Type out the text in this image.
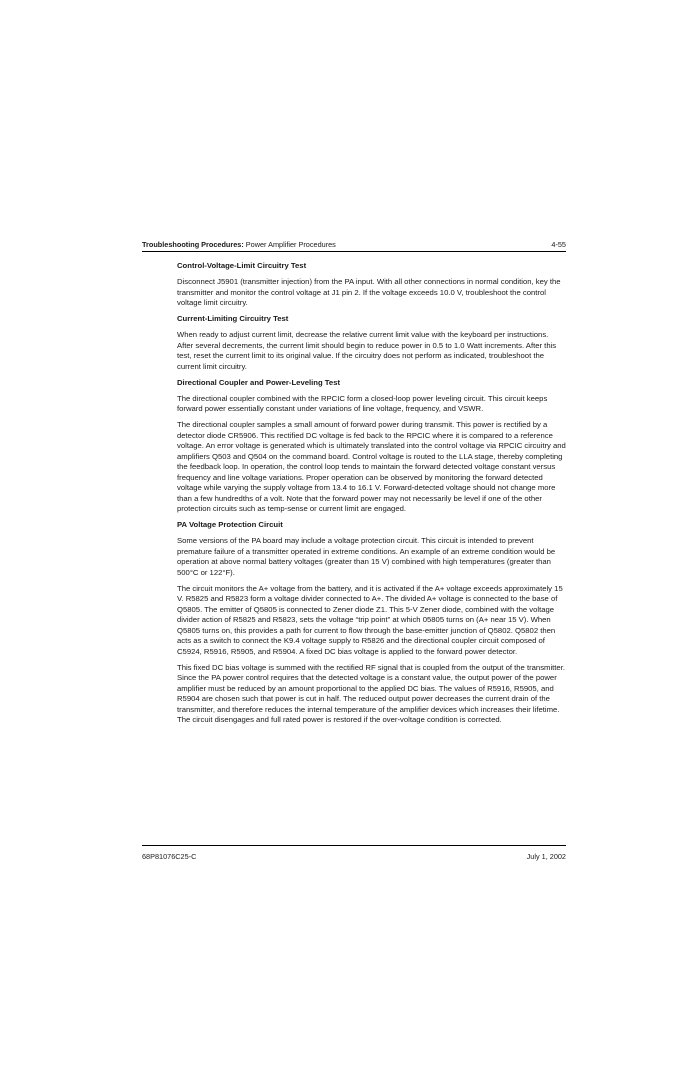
Troubleshooting Procedures: Power Amplifier Procedures	4-55
Control-Voltage-Limit Circuitry Test

Disconnect J5901 (transmitter injection) from the PA input. With all other connections in normal condition, key the transmitter and monitor the control voltage at J1 pin 2. If the voltage exceeds 10.0 V, troubleshoot the control voltage limit circuitry.

Current-Limiting Circuitry Test

When ready to adjust current limit, decrease the relative current limit value with the keyboard per instructions. After several decrements, the current limit should begin to reduce power in 0.5 to 1.0 Watt increments. After this test, reset the current limit to its original value. If the circuitry does not perform as indicated, troubleshoot the current limit circuitry.

Directional Coupler and Power-Leveling Test

The directional coupler combined with the RPCIC form a closed-loop power leveling circuit. This circuit keeps forward power essentially constant under variations of line voltage, frequency, and VSWR.

The directional coupler samples a small amount of forward power during transmit. This power is rectified by a detector diode CR5906. This rectified DC voltage is fed back to the RPCIC where it is compared to a reference voltage. An error voltage is generated which is ultimately translated into the control voltage via RPCIC circuitry and amplifiers Q503 and Q504 on the command board. Control voltage is routed to the LLA stage, thereby completing the feedback loop. In operation, the control loop tends to maintain the forward detected voltage constant versus frequency and line voltage variations. Proper operation can be observed by monitoring the forward detected voltage while varying the supply voltage from 13.4 to 16.1 V. Forward-detected voltage should not change more than a few hundredths of a volt. Note that the forward power may not necessarily be level if one of the other protection circuits such as temp-sense or current limit are engaged.

PA Voltage Protection Circuit

Some versions of the PA board may include a voltage protection circuit. This circuit is intended to prevent premature failure of a transmitter operated in extreme conditions. An example of an extreme condition would be operation at above normal battery voltages (greater than 15 V) combined with high temperatures (greater than 500°C or 122°F).

The circuit monitors the A+ voltage from the battery, and it is activated if the A+ voltage exceeds approximately 15 V. R5825 and R5823 form a voltage divider connected to A+. The divided A+ voltage is connected to the base of Q5805. The emitter of Q5805 is connected to Zener diode Z1. This 5-V Zener diode, combined with the voltage divider action of R5825 and R5823, sets the voltage “trip point” at which 05805 turns on (A+ near 15 V). When Q5805 turns on, this provides a path for current to flow through the base-emitter junction of Q5802. Q5802 then acts as a switch to connect the K9.4 voltage supply to R5826 and the directional coupler circuit composed of C5924, R5916, R5905, and R5904. A fixed DC bias voltage is applied to the forward power detector.

This fixed DC bias voltage is summed with the rectified RF signal that is coupled from the output of the transmitter. Since the PA power control requires that the detected voltage is a constant value, the output power of the power amplifier must be reduced by an amount proportional to the applied DC bias. The values of R5916, R5905, and R5904 are chosen such that power is cut in half. The reduced output power decreases the current drain of the transmitter, and therefore reduces the internal temperature of the amplifier devices which increases their lifetime. The circuit disengages and full rated power is restored if the over-voltage condition is corrected.

68P81076C25-C	July 1, 2002
